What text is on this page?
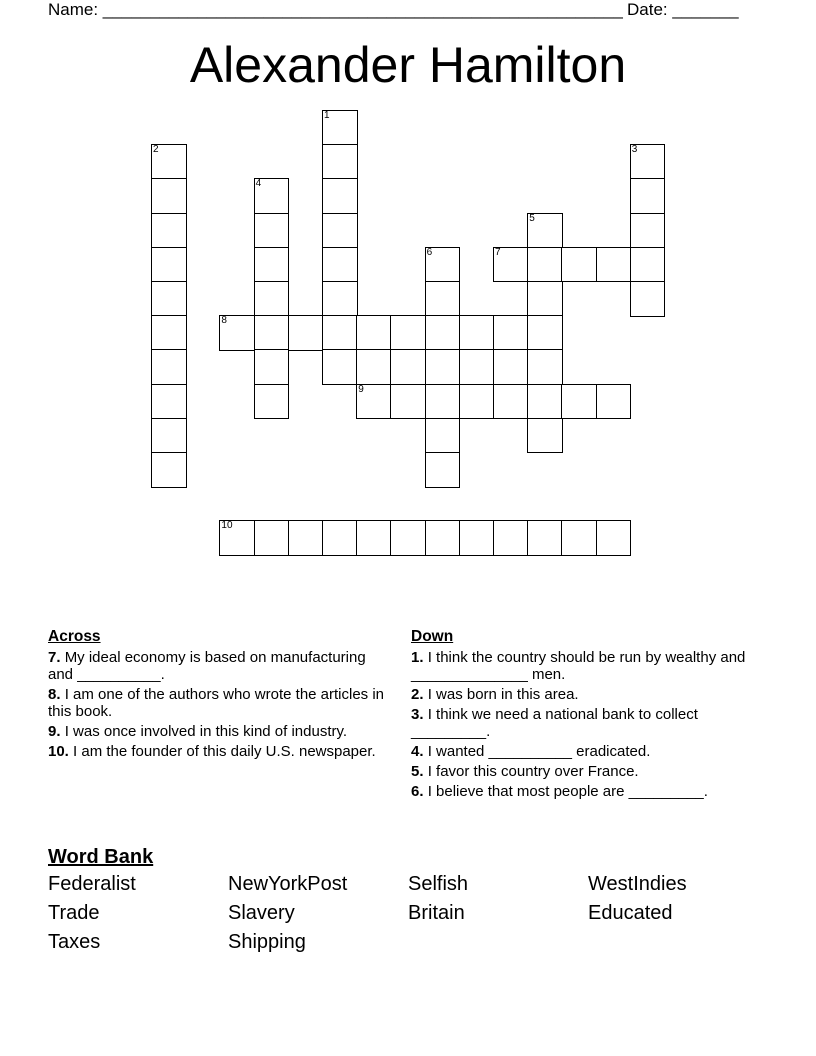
Name: _______________________________________________________ Date: _______
Alexander Hamilton
1
2	3
4
5
6	7
8
9
10
Across
7. My ideal economy is based on manufacturing and __________.
8. I am one of the authors who wrote the articles in this book.
9. I was once involved in this kind of industry.
10. I am the founder of this daily U.S. newspaper.
Down
1. I think the country should be run by wealthy and ______________ men.
2. I was born in this area.
3. I think we need a national bank to collect _________.
4. I wanted __________ eradicated.
5. I favor this country over France.
6. I believe that most people are _________.
Word Bank
Federalist	NewYorkPost	Selfish	WestIndies
Trade	Slavery	Britain	Educated
Taxes	Shipping
